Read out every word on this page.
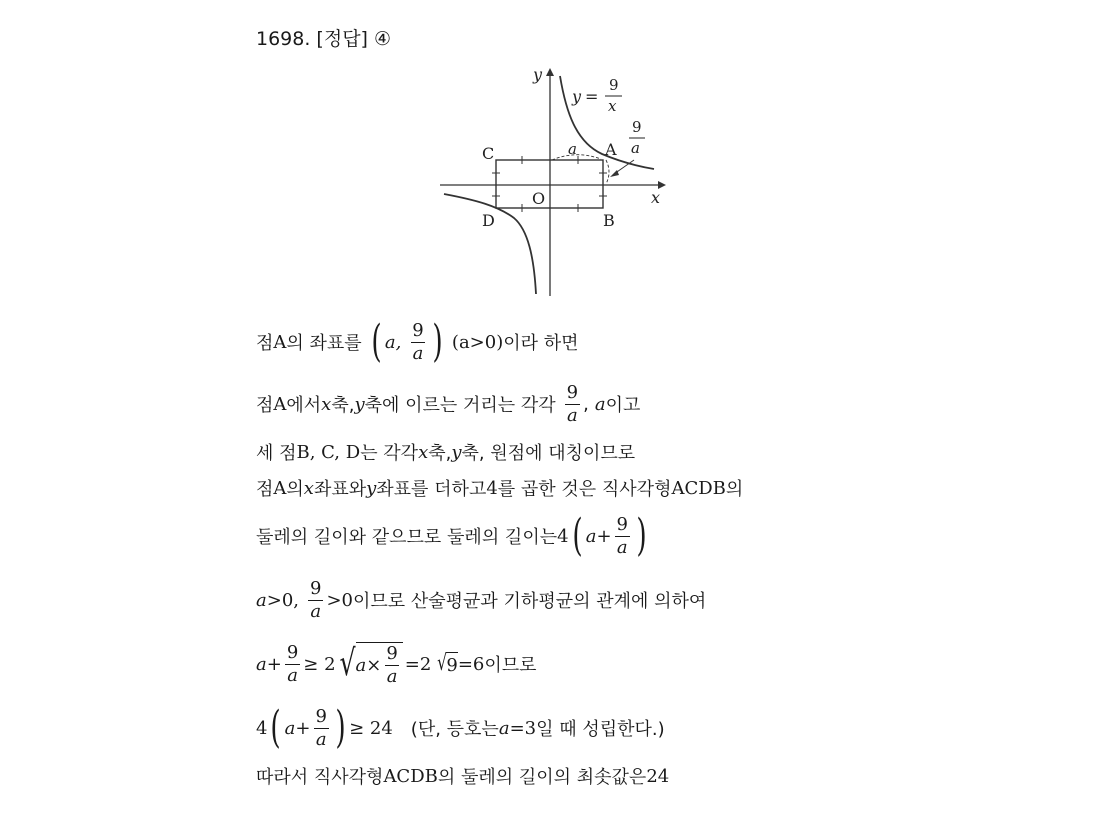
1698. [정답] ④
y
x
y =
9
x
A
C
D	B
O
a
9
a
점 A 의 좌표를 ( a, $\frac{9}{a}$ ) (a>0) 이라 하면
점 A 에서 x 축, y 축에 이르는 거리는 각각 $\frac{9}{a}$ , a 이고
세 점 B, C, D 는 각각 x 축, y 축, 원점에 대칭이므로
점 A 의 x 좌표와 y 좌표를 더하고 4 를 곱한 것은 직사각형 ACDB 의
둘레의 길이와 같으므로 둘레의 길이는 4 ( $a + \frac{9}{a}$ )
a >0, $\frac{9}{a} >0$ 이므로 산술평균과 기하평균의 관계에 의하여
$a + \frac{9}{a} \ge 2$ √ $a \times \frac{9}{a} =2$ √ 9 =6 이므로
4 ( $a + \frac{9}{a}$ ) ≥ 24 (단, 등호는 a =3 일 때 성립한다.)
따라서 직사각형 ACDB 의 둘레의 길이의 최솟값은 24
